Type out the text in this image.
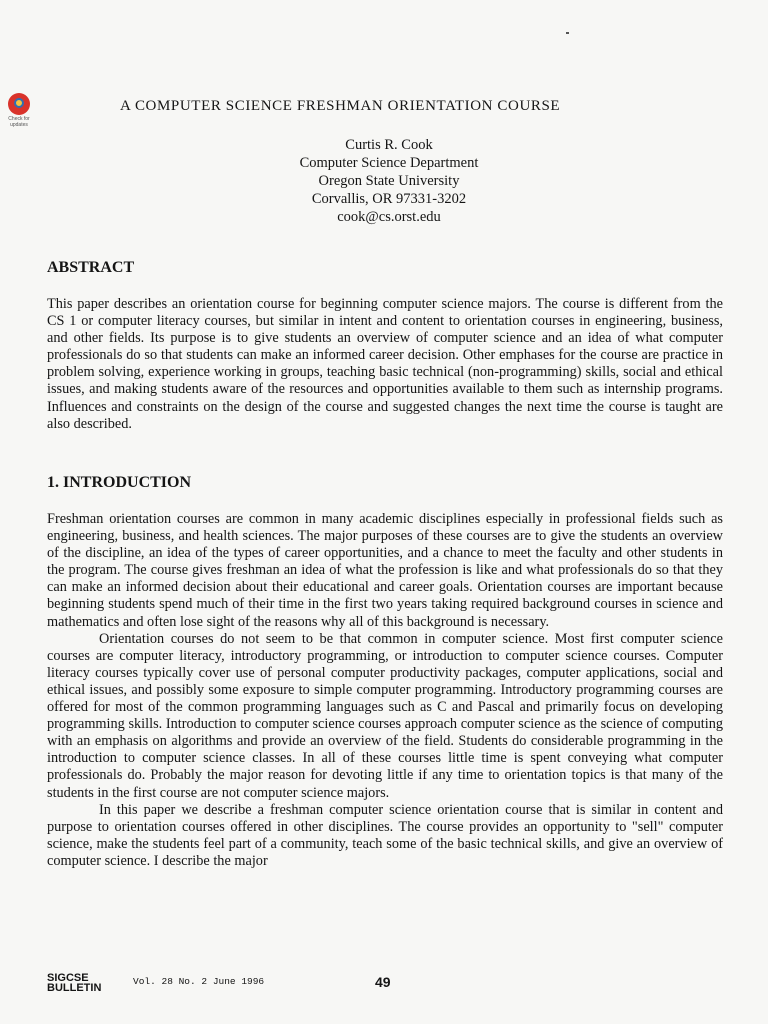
Check for
updates
A COMPUTER SCIENCE FRESHMAN ORIENTATION COURSE
Curtis R. Cook
Computer Science Department
Oregon State University
Corvallis, OR 97331-3202
cook@cs.orst.edu
ABSTRACT

This paper describes an orientation course for beginning computer science majors. The course is different from the CS 1 or computer literacy courses, but similar in intent and content to orientation courses in engineering, business, and other fields. Its purpose is to give students an overview of computer science and an idea of what computer professionals do so that students can make an informed career decision. Other emphases for the course are practice in problem solving, experience working in groups, teaching basic technical (non-programming) skills, social and ethical issues, and making students aware of the resources and opportunities available to them such as internship programs. Influences and constraints on the design of the course and suggested changes the next time the course is taught are also described.

1. INTRODUCTION

Freshman orientation courses are common in many academic disciplines especially in professional fields such as engineering, business, and health sciences. The major purposes of these courses are to give the students an overview of the discipline, an idea of the types of career opportunities, and a chance to meet the faculty and other students in the program. The course gives freshman an idea of what the profession is like and what professionals do so that they can make an informed decision about their educational and career goals. Orientation courses are important because beginning students spend much of their time in the first two years taking required background courses in science and mathematics and often lose sight of the reasons why all of this background is necessary.

Orientation courses do not seem to be that common in computer science. Most first computer science courses are computer literacy, introductory programming, or introduction to computer science courses. Computer literacy courses typically cover use of personal computer productivity packages, computer applications, social and ethical issues, and possibly some exposure to simple computer programming. Introductory programming courses are offered for most of the common programming languages such as C and Pascal and primarily focus on developing programming skills. Introduction to computer science courses approach computer science as the science of computing with an emphasis on algorithms and provide an overview of the field. Students do considerable programming in the introduction to computer science classes. In all of these courses little time is spent conveying what computer professionals do. Probably the major reason for devoting little if any time to orientation topics is that many of the students in the first course are not computer science majors.

In this paper we describe a freshman computer science orientation course that is similar in content and purpose to orientation courses offered in other disciplines. The course provides an opportunity to "sell" computer science, make the students feel part of a community, teach some of the basic technical skills, and give an overview of computer science. I describe the major

SIGCSE
BULLETIN
Vol. 28 No. 2 June 1996	49
